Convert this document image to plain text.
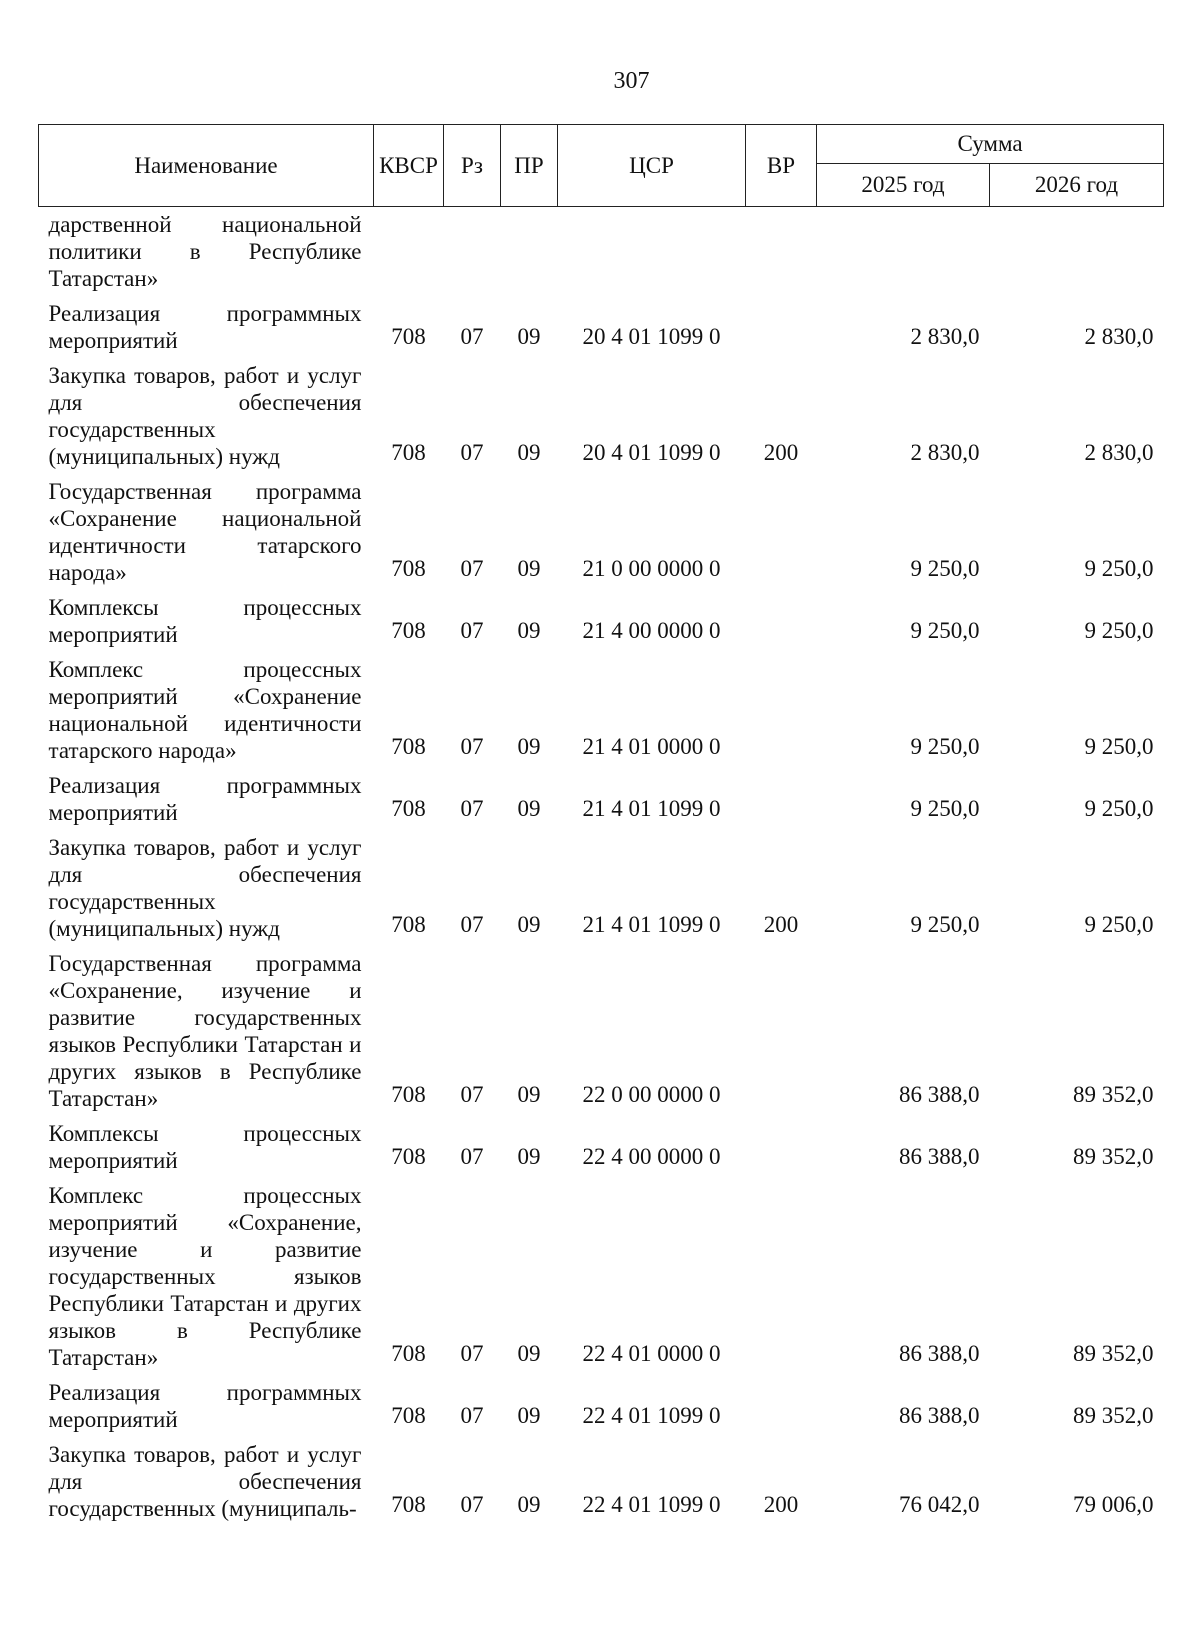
307
Наименование	КВСР	Рз	ПР	ЦСР	ВР	Сумма	
						2025 год	2026 год
дарственной национальной политики в Республике Татарстан»							
Реализация программных мероприятий	708	07	09	20 4 01 1099 0		2 830,0	2 830,0
Закупка товаров, работ и услуг для обеспечения государственных (муниципальных) нужд	708	07	09	20 4 01 1099 0	200	2 830,0	2 830,0
Государственная программа «Сохранение национальной идентичности татарского народа»	708	07	09	21 0 00 0000 0		9 250,0	9 250,0
Комплексы процессных мероприятий	708	07	09	21 4 00 0000 0		9 250,0	9 250,0
Комплекс процессных мероприятий «Сохранение национальной идентичности татарского народа»	708	07	09	21 4 01 0000 0		9 250,0	9 250,0
Реализация программных мероприятий	708	07	09	21 4 01 1099 0		9 250,0	9 250,0
Закупка товаров, работ и услуг для обеспечения государственных (муниципальных) нужд	708	07	09	21 4 01 1099 0	200	9 250,0	9 250,0
Государственная программа «Сохранение, изучение и развитие государственных языков Республики Татарстан и других языков в Республике Татарстан»	708	07	09	22 0 00 0000 0		86 388,0	89 352,0
Комплексы процессных мероприятий	708	07	09	22 4 00 0000 0		86 388,0	89 352,0
Комплекс процессных мероприятий «Сохранение, изучение и развитие государственных языков Республики Татарстан и других языков в Республике Татарстан»	708	07	09	22 4 01 0000 0		86 388,0	89 352,0
Реализация программных мероприятий	708	07	09	22 4 01 1099 0		86 388,0	89 352,0
Закупка товаров, работ и услуг для обеспечения государственных (муниципаль-	708	07	09	22 4 01 1099 0	200	76 042,0	79 006,0
